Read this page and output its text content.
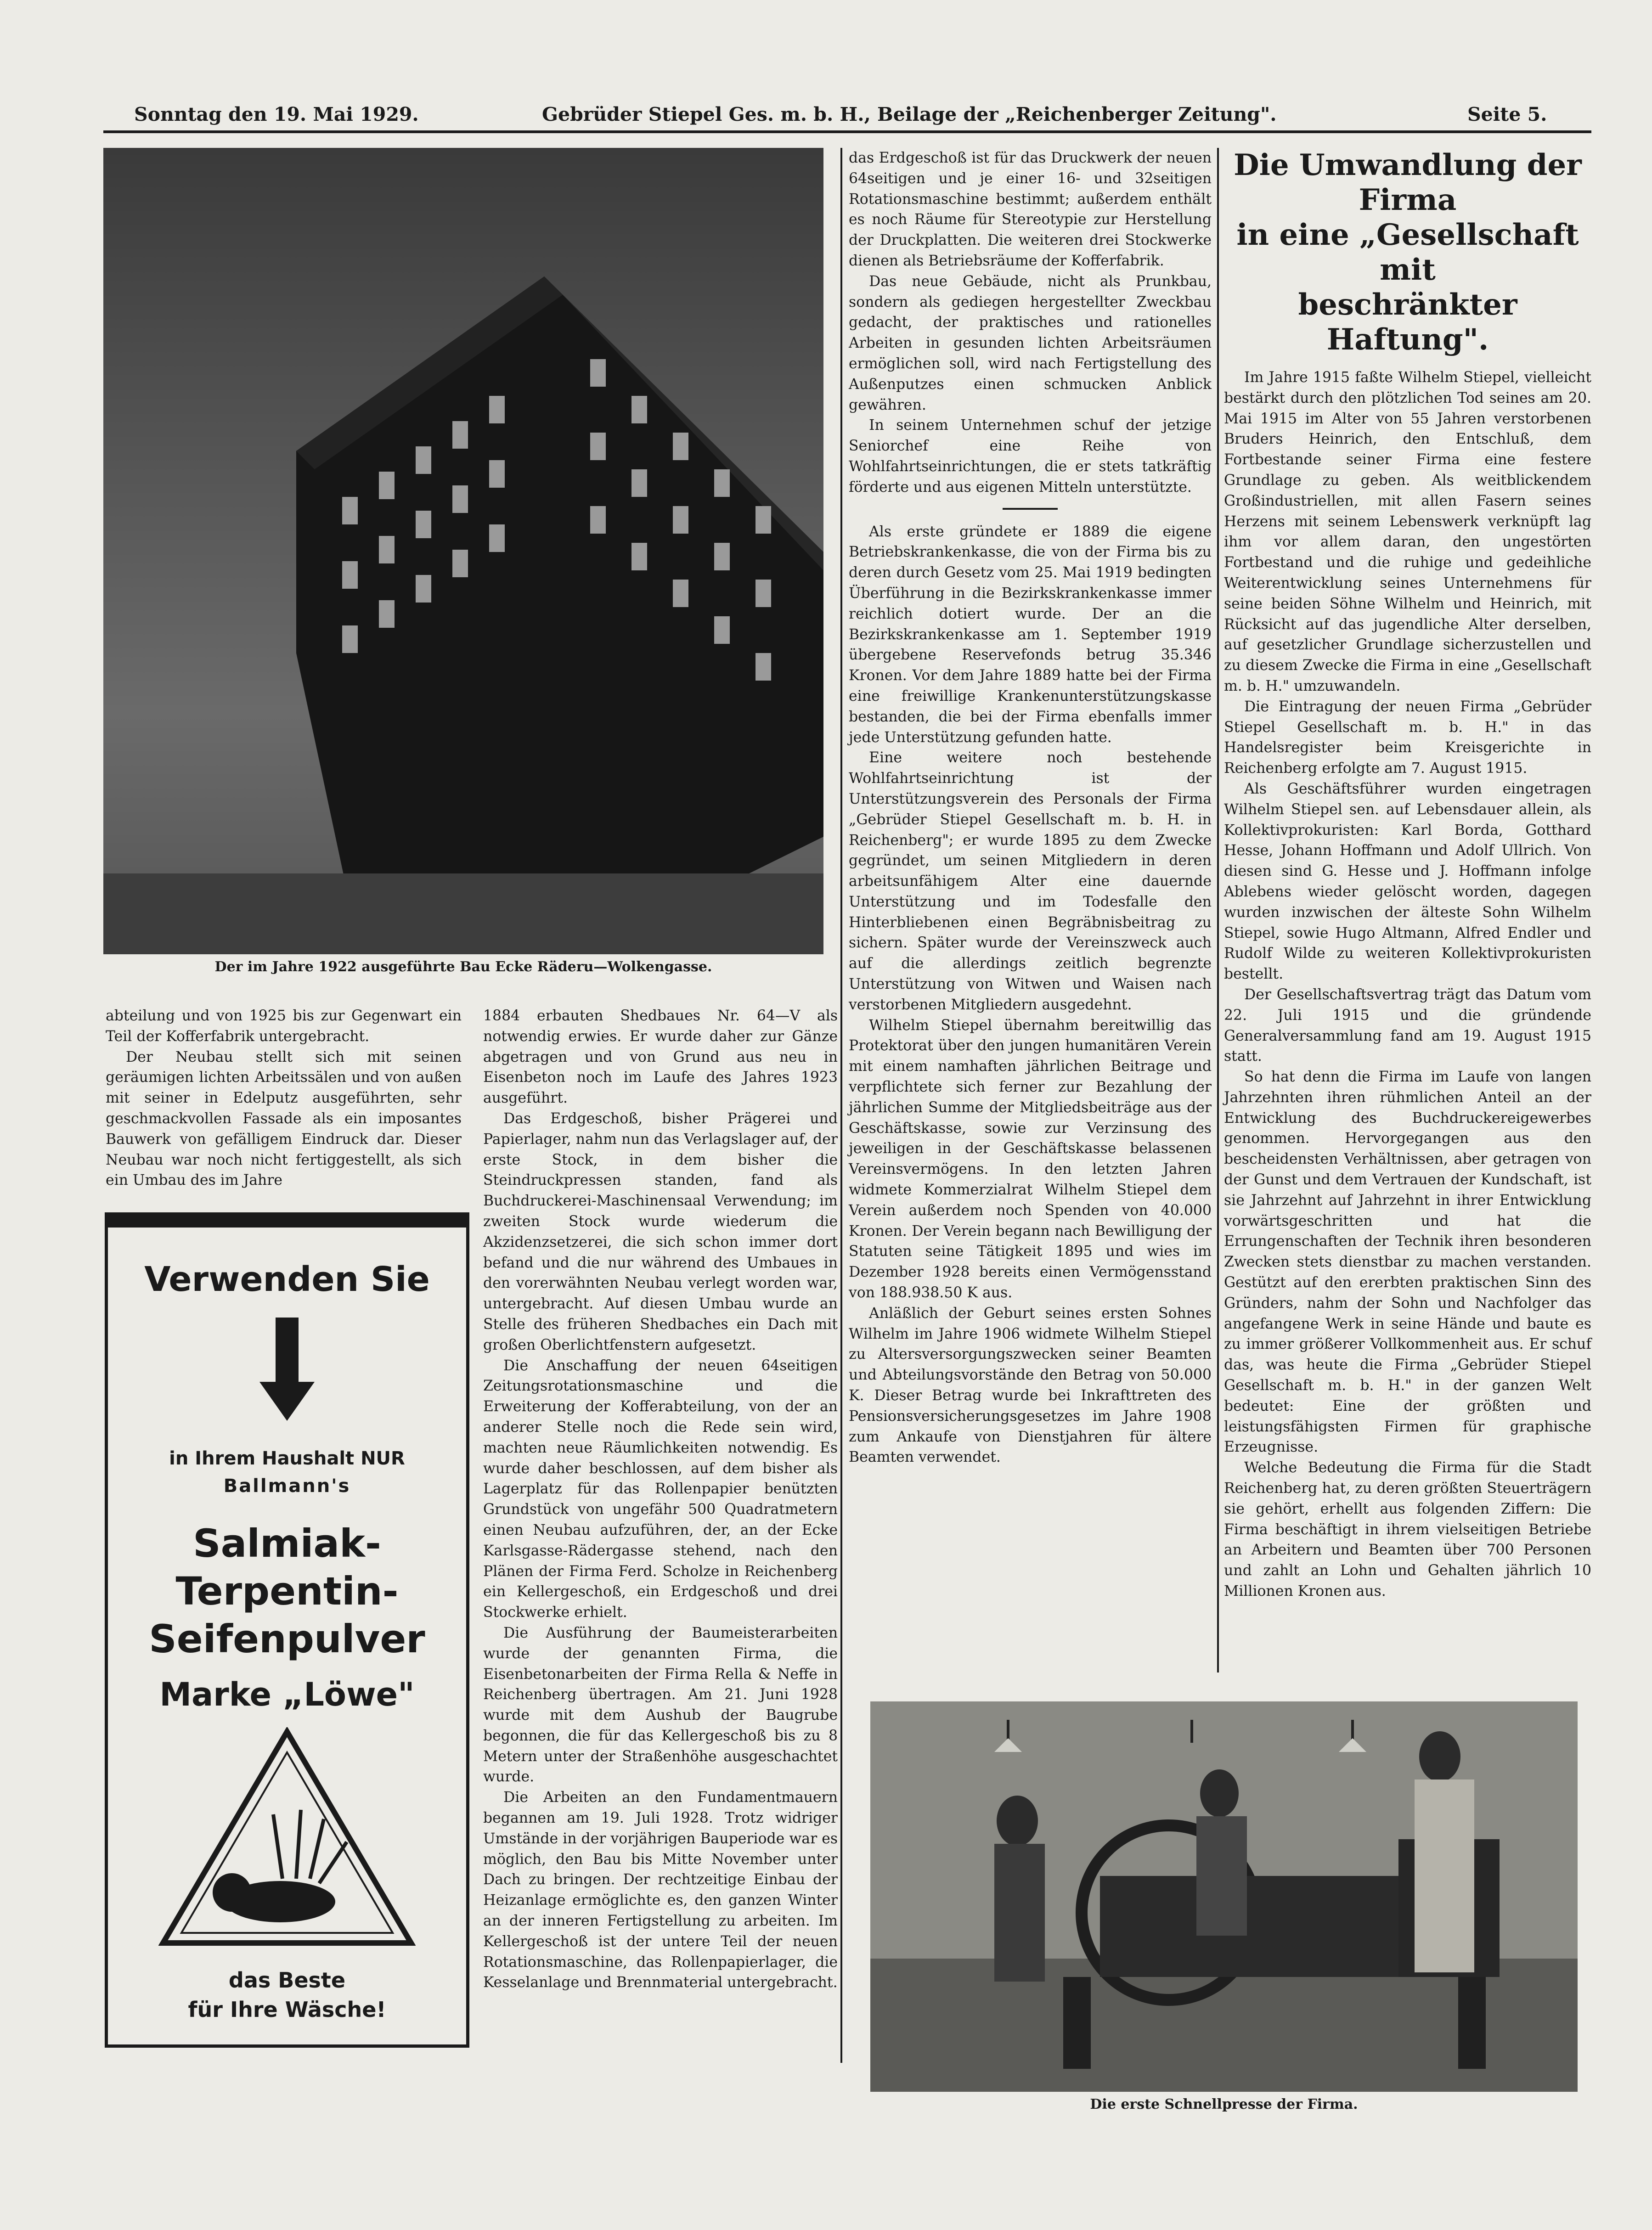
Sonntag den 19. Mai 1929.	Gebrüder Stiepel Ges. m. b. H., Beilage der „Reichenberger Zeitung".	Seite 5.
Der im Jahre 1922 ausgeführte Bau Ecke Räderu—Wolkengasse.

abteilung und von 1925 bis zur Gegenwart ein Teil der Kofferfabrik untergebracht.

Der Neubau stellt sich mit seinen geräumigen lichten Arbeitssälen und von außen mit seiner in Edelputz ausgeführten, sehr geschmackvollen Fassade als ein imposantes Bauwerk von gefälligem Eindruck dar. Dieser Neubau war noch nicht fertiggestellt, als sich ein Umbau des im Jahre

Verwenden Sie
in Ihrem Haushalt NUR
Ballmann's
Salmiak-
Terpentin-
Seifenpulver
Marke „Löwe"
das Beste
für Ihre Wäsche!

1884 erbauten Shedbaues Nr. 64—V als notwendig erwies. Er wurde daher zur Gänze abgetragen und von Grund aus neu in Eisenbeton noch im Laufe des Jahres 1923 ausgeführt.

Das Erdgeschoß, bisher Prägerei und Papierlager, nahm nun das Verlagslager auf, der erste Stock, in dem bisher die Steindruckpressen standen, fand als Buchdruckerei-Maschinensaal Verwendung; im zweiten Stock wurde wiederum die Akzidenzsetzerei, die sich schon immer dort befand und die nur während des Umbaues in den vorerwähnten Neubau verlegt worden war, untergebracht. Auf diesen Umbau wurde an Stelle des früheren Shedbaches ein Dach mit großen Oberlichtfenstern aufgesetzt.

Die Anschaffung der neuen 64seitigen Zeitungsrotationsmaschine und die Erweiterung der Kofferabteilung, von der an anderer Stelle noch die Rede sein wird, machten neue Räumlichkeiten notwendig. Es wurde daher beschlossen, auf dem bisher als Lagerplatz für das Rollenpapier benützten Grundstück von ungefähr 500 Quadratmetern einen Neubau aufzuführen, der, an der Ecke Karlsgasse-Rädergasse stehend, nach den Plänen der Firma Ferd. Scholze in Reichenberg ein Kellergeschoß, ein Erdgeschoß und drei Stockwerke erhielt.

Die Ausführung der Baumeisterarbeiten wurde der genannten Firma, die Eisenbetonarbeiten der Firma Rella & Neffe in Reichenberg übertragen. Am 21. Juni 1928 wurde mit dem Aushub der Baugrube begonnen, die für das Kellergeschoß bis zu 8 Metern unter der Straßenhöhe ausgeschachtet wurde.

Die Arbeiten an den Fundamentmauern begannen am 19. Juli 1928. Trotz widriger Umstände in der vorjährigen Bauperiode war es möglich, den Bau bis Mitte November unter Dach zu bringen. Der rechtzeitige Einbau der Heizanlage ermöglichte es, den ganzen Winter an der inneren Fertigstellung zu arbeiten. Im Kellergeschoß ist der untere Teil der neuen Rotationsmaschine, das Rollenpapierlager, die Kesselanlage und Brennmaterial untergebracht.

das Erdgeschoß ist für das Druckwerk der neuen 64seitigen und je einer 16- und 32seitigen Rotationsmaschine bestimmt; außerdem enthält es noch Räume für Stereotypie zur Herstellung der Druckplatten. Die weiteren drei Stockwerke dienen als Betriebsräume der Kofferfabrik.

Das neue Gebäude, nicht als Prunkbau, sondern als gediegen hergestellter Zweckbau gedacht, der praktisches und rationelles Arbeiten in gesunden lichten Arbeitsräumen ermöglichen soll, wird nach Fertigstellung des Außenputzes einen schmucken Anblick gewähren.

In seinem Unternehmen schuf der jetzige Seniorchef eine Reihe von Wohlfahrtseinrichtungen, die er stets tatkräftig förderte und aus eigenen Mitteln unterstützte.

Als erste gründete er 1889 die eigene Betriebskrankenkasse, die von der Firma bis zu deren durch Gesetz vom 25. Mai 1919 bedingten Überführung in die Bezirkskrankenkasse immer reichlich dotiert wurde. Der an die Bezirkskrankenkasse am 1. September 1919 übergebene Reservefonds betrug 35.346 Kronen. Vor dem Jahre 1889 hatte bei der Firma eine freiwillige Krankenunterstützungskasse bestanden, die bei der Firma ebenfalls immer jede Unterstützung gefunden hatte.

Eine weitere noch bestehende Wohlfahrtseinrichtung ist der Unterstützungsverein des Personals der Firma „Gebrüder Stiepel Gesellschaft m. b. H. in Reichenberg"; er wurde 1895 zu dem Zwecke gegründet, um seinen Mitgliedern in deren arbeitsunfähigem Alter eine dauernde Unterstützung und im Todesfalle den Hinterbliebenen einen Begräbnisbeitrag zu sichern. Später wurde der Vereinszweck auch auf die allerdings zeitlich begrenzte Unterstützung von Witwen und Waisen nach verstorbenen Mitgliedern ausgedehnt.

Wilhelm Stiepel übernahm bereitwillig das Protektorat über den jungen humanitären Verein mit einem namhaften jährlichen Beitrage und verpflichtete sich ferner zur Bezahlung der jährlichen Summe der Mitgliedsbeiträge aus der Geschäftskasse, sowie zur Verzinsung des jeweiligen in der Geschäftskasse belassenen Vereinsvermögens. In den letzten Jahren widmete Kommerzialrat Wilhelm Stiepel dem Verein außerdem noch Spenden von 40.000 Kronen. Der Verein begann nach Bewilligung der Statuten seine Tätigkeit 1895 und wies im Dezember 1928 bereits einen Vermögensstand von 188.938.50 K aus.

Anläßlich der Geburt seines ersten Sohnes Wilhelm im Jahre 1906 widmete Wilhelm Stiepel zu Altersversorgungszwecken seiner Beamten und Abteilungsvorstände den Betrag von 50.000 K. Dieser Betrag wurde bei Inkrafttreten des Pensionsversicherungsgesetzes im Jahre 1908 zum Ankaufe von Dienstjahren für ältere Beamten verwendet.

Die Umwandlung der Firma
in eine „Gesellschaft mit
beschränkter Haftung".

Im Jahre 1915 faßte Wilhelm Stiepel, vielleicht bestärkt durch den plötzlichen Tod seines am 20. Mai 1915 im Alter von 55 Jahren verstorbenen Bruders Heinrich, den Entschluß, dem Fortbestande seiner Firma eine festere Grundlage zu geben. Als weitblickendem Großindustriellen, mit allen Fasern seines Herzens mit seinem Lebenswerk verknüpft lag ihm vor allem daran, den ungestörten Fortbestand und die ruhige und gedeihliche Weiterentwicklung seines Unternehmens für seine beiden Söhne Wilhelm und Heinrich, mit Rücksicht auf das jugendliche Alter derselben, auf gesetzlicher Grundlage sicherzustellen und zu diesem Zwecke die Firma in eine „Gesellschaft m. b. H." umzuwandeln.

Die Eintragung der neuen Firma „Gebrüder Stiepel Gesellschaft m. b. H." in das Handelsregister beim Kreisgerichte in Reichenberg erfolgte am 7. August 1915.

Als Geschäftsführer wurden eingetragen Wilhelm Stiepel sen. auf Lebensdauer allein, als Kollektivprokuristen: Karl Borda, Gotthard Hesse, Johann Hoffmann und Adolf Ullrich. Von diesen sind G. Hesse und J. Hoffmann infolge Ablebens wieder gelöscht worden, dagegen wurden inzwischen der älteste Sohn Wilhelm Stiepel, sowie Hugo Altmann, Alfred Endler und Rudolf Wilde zu weiteren Kollektivprokuristen bestellt.

Der Gesellschaftsvertrag trägt das Datum vom 22. Juli 1915 und die gründende Generalversammlung fand am 19. August 1915 statt.

So hat denn die Firma im Laufe von langen Jahrzehnten ihren rühmlichen Anteil an der Entwicklung des Buchdruckereigewerbes genommen. Hervorgegangen aus den bescheidensten Verhältnissen, aber getragen von der Gunst und dem Vertrauen der Kundschaft, ist sie Jahrzehnt auf Jahrzehnt in ihrer Entwicklung vorwärtsgeschritten und hat die Errungenschaften der Technik ihren besonderen Zwecken stets dienstbar zu machen verstanden. Gestützt auf den ererbten praktischen Sinn des Gründers, nahm der Sohn und Nachfolger das angefangene Werk in seine Hände und baute es zu immer größerer Vollkommenheit aus. Er schuf das, was heute die Firma „Gebrüder Stiepel Gesellschaft m. b. H." in der ganzen Welt bedeutet: Eine der größten und leistungsfähigsten Firmen für graphische Erzeugnisse.

Welche Bedeutung die Firma für die Stadt Reichenberg hat, zu deren größten Steuerträgern sie gehört, erhellt aus folgenden Ziffern: Die Firma beschäftigt in ihrem vielseitigen Betriebe an Arbeitern und Beamten über 700 Personen und zahlt an Lohn und Gehalten jährlich 10 Millionen Kronen aus.

Die erste Schnellpresse der Firma.
